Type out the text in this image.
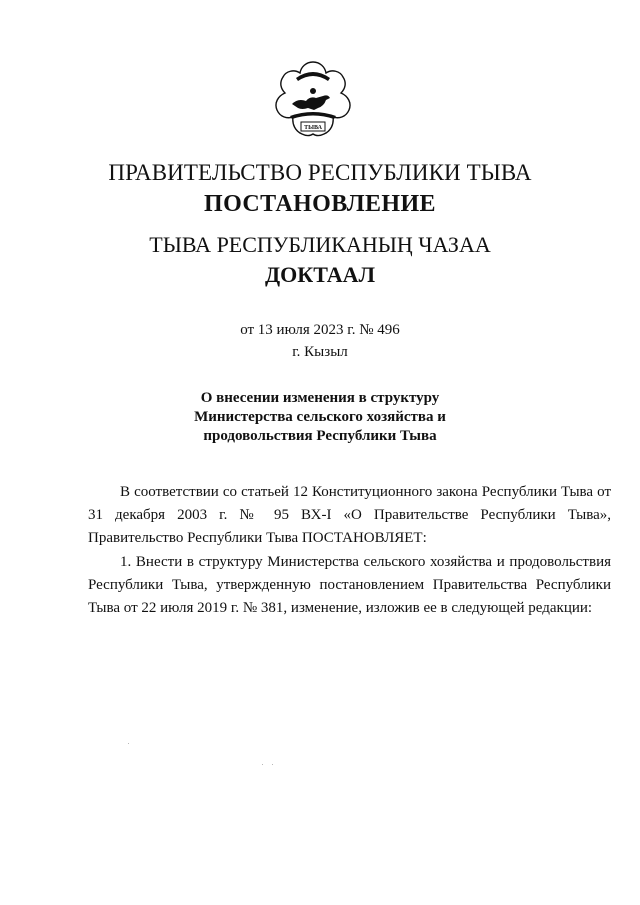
ТЫВА
ПРАВИТЕЛЬСТВО РЕСПУБЛИКИ ТЫВА
ПОСТАНОВЛЕНИЕ
ТЫВА РЕСПУБЛИКАНЫҢ ЧАЗАА
ДОКТААЛ
от 13 июля 2023 г. № 496
г. Кызыл
О внесении изменения в структуру
Министерства сельского хозяйства и
продовольствия Республики Тыва
В соответствии со статьей 12 Конституционного закона Республики Тыва от 31 декабря 2003 г. № 95 ВХ-I «О Правительстве Республики Тыва», Правительство Республики Тыва ПОСТАНОВЛЯЕТ:
1. Внести в структуру Министерства сельского хозяйства и продовольствия Республики Тыва, утвержденную постановлением Правительства Республики Тыва от 22 июля 2019 г. № 381, изменение, изложив ее в следующей редакции:
